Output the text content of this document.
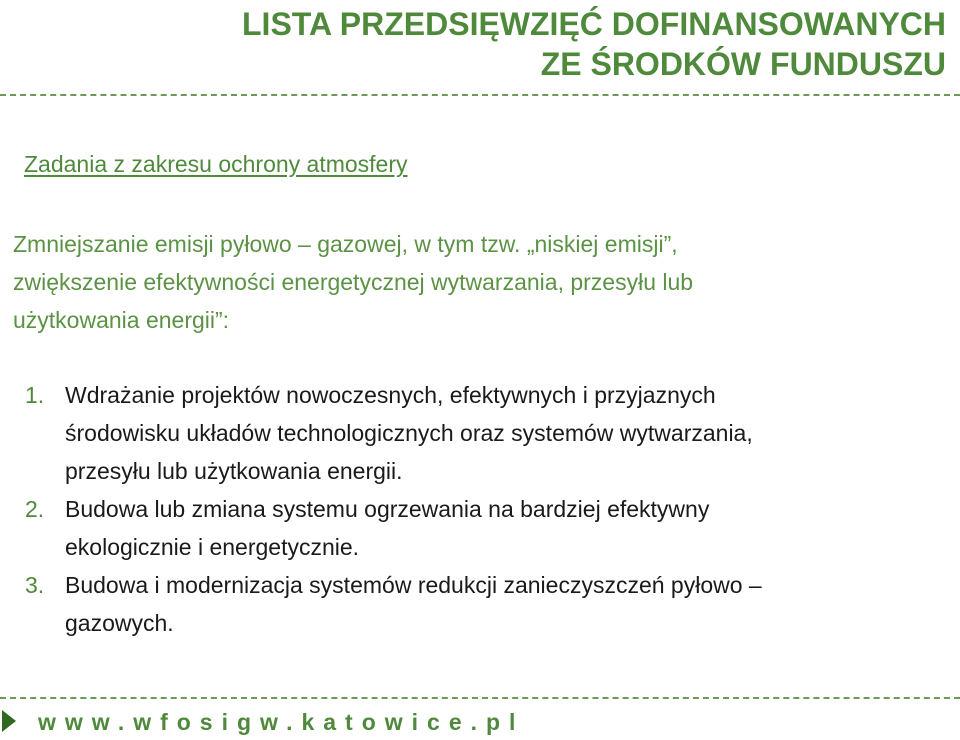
LISTA PRZEDSIĘWZIĘĆ DOFINANSOWANYCH
ZE ŚRODKÓW FUNDUSZU
Zadania z zakresu ochrony atmosfery

Zmniejszanie emisji pyłowo – gazowej, w tym tzw. „niskiej emisji”,
zwiększenie efektywności energetycznej wytwarzania, przesyłu lub
użytkowania energii”:

1. Wdrażanie projektów nowoczesnych, efektywnych i przyjaznych
środowisku układów technologicznych oraz systemów wytwarzania,
przesyłu lub użytkowania energii.
2. Budowa lub zmiana systemu ogrzewania na bardziej efektywny
ekologicznie i energetycznie.
3. Budowa i modernizacja systemów redukcji zanieczyszczeń pyłowo –
gazowych.
www.wfosigw.katowice.pl
